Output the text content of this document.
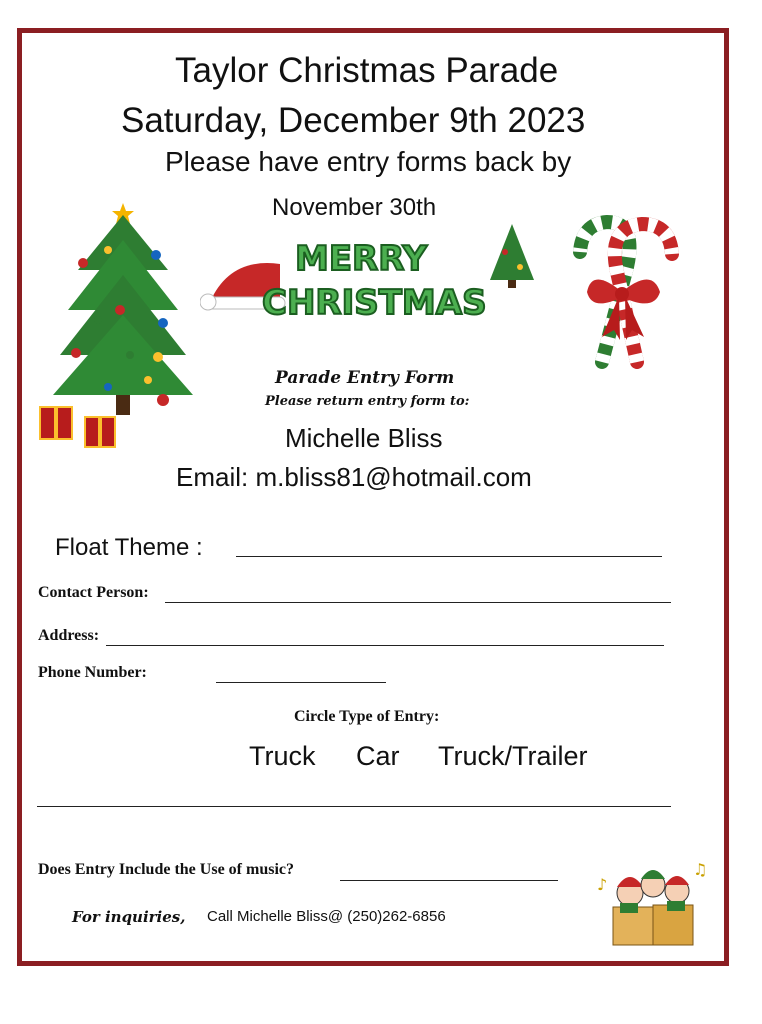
Taylor Christmas Parade
Saturday, December 9th 2023
Please have entry forms back by
November 30th
MERRY
CHRISTMAS
Parade Entry Form
Please return entry form to:
Michelle Bliss
Email: m.bliss81@hotmail.com
Float Theme :
Contact Person:
Address:
Phone Number:
Circle Type of Entry:
Truck Car Truck/Trailer
Does Entry Include the Use of music?
For inquiries, Call Michelle Bliss@ (250)262-6856
♪
♫
